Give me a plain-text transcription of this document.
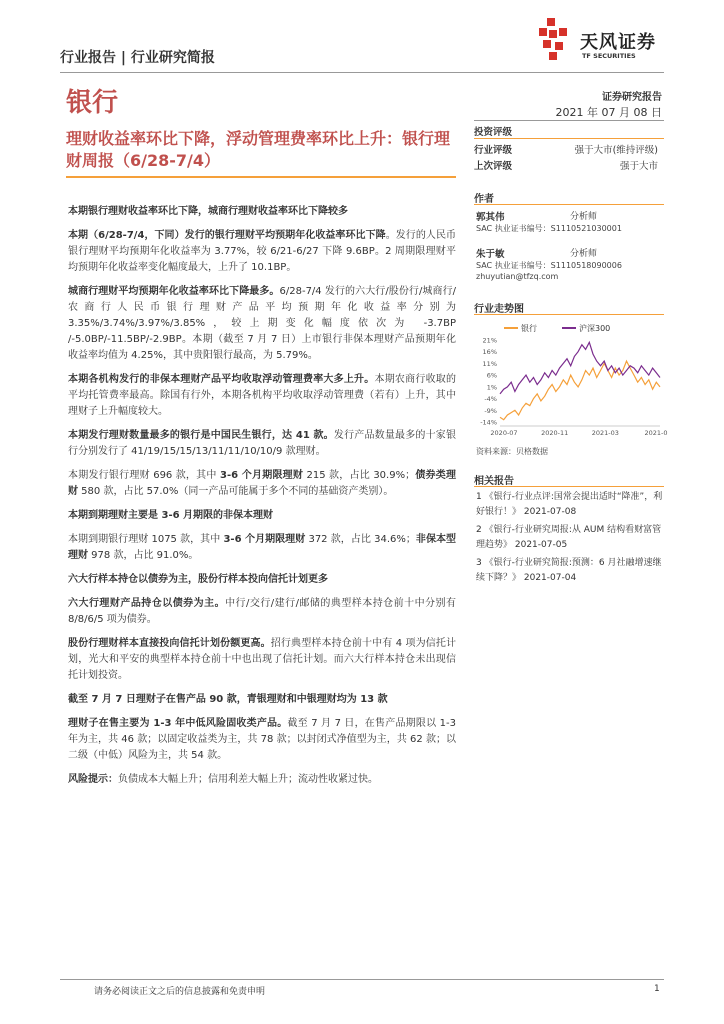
行业报告 | 行业研究简报
天风证券
TF SECURITIES
银行	证券研究报告
2021 年 07 月 08 日
理财收益率环比下降，浮动管理费率环比上升：银行理财周报（6/28-7/4）
投资评级
行业评级	强于大市(维持评级)
上次评级	强于大市
作者
郭其伟	分析师
SAC 执业证书编号：S1110521030001
朱于敏	分析师
SAC 执业证书编号：S1110518090006
zhuyutian@tfzq.com
行业走势图
银行	沪深300
21%
16%
11%
6%
1%
-4%
-9%
-14%
2020-07	2020-11	2021-03	2021-0
资料来源：贝格数据
相关报告
1 《银行-行业点评:国常会提出适时“降准”，利好银行！》 2021-07-08
2 《银行-行业研究周报:从 AUM 结构看财富管理趋势》 2021-07-05
3 《银行-行业研究简报:预测：6 月社融增速继续下降？》 2021-07-04
本期银行理财收益率环比下降，城商行理财收益率环比下降较多

本期（6/28-7/4，下同）发行的银行理财平均预期年化收益率环比下降。发行的人民币银行理财平均预期年化收益率为 3.77%，较 6/21-6/27 下降 9.6BP。2 周期限理财平均预期年化收益率变化幅度最大，上升了 10.1BP。

城商行理财平均预期年化收益率环比下降最多。6/28-7/4 发行的六大行/股份行/城商行/农商行人民币银行理财产品平均预期年化收益率分别为 3.35%/3.74%/3.97%/3.85%，较上期变化幅度依次为 -3.7BP /-5.0BP/-11.5BP/-2.9BP。本期（截至 7 月 7 日）上市银行非保本理财产品预期年化收益率均值为 4.25%，其中贵阳银行最高，为 5.79%。

本期各机构发行的非保本理财产品平均收取浮动管理费率大多上升。本期农商行收取的平均托管费率最高。除国有行外，本期各机构平均收取浮动管理费（若有）上升，其中理财子上升幅度较大。

本期发行理财数量最多的银行是中国民生银行，达 41 款。发行产品数量最多的十家银行分别发行了 41/19/15/15/13/11/11/10/10/9 款理财。

本期发行银行理财 696 款，其中 3-6 个月期限理财 215 款，占比 30.9%；债券类理财 580 款，占比 57.0%（同一产品可能属于多个不同的基础资产类别）。

本期到期理财主要是 3-6 月期限的非保本理财

本期到期银行理财 1075 款，其中 3-6 个月期限理财 372 款，占比 34.6%；非保本型理财 978 款，占比 91.0%。

六大行样本持仓以债券为主，股份行样本投向信托计划更多

六大行理财产品持仓以债券为主。中行/交行/建行/邮储的典型样本持仓前十中分别有 8/8/6/5 项为债券。

股份行理财样本直接投向信托计划份额更高。招行典型样本持仓前十中有 4 项为信托计划，光大和平安的典型样本持仓前十中也出现了信托计划。而六大行样本持仓未出现信托计划投资。

截至 7 月 7 日理财子在售产品 90 款，青银理财和中银理财均为 13 款

理财子在售主要为 1-3 年中低风险固收类产品。截至 7 月 7 日，在售产品期限以 1-3 年为主，共 46 款；以固定收益类为主，共 78 款；以封闭式净值型为主，共 62 款；以二级（中低）风险为主，共 54 款。

风险提示：负债成本大幅上升；信用利差大幅上升；流动性收紧过快。

请务必阅读正文之后的信息披露和免责申明	1
